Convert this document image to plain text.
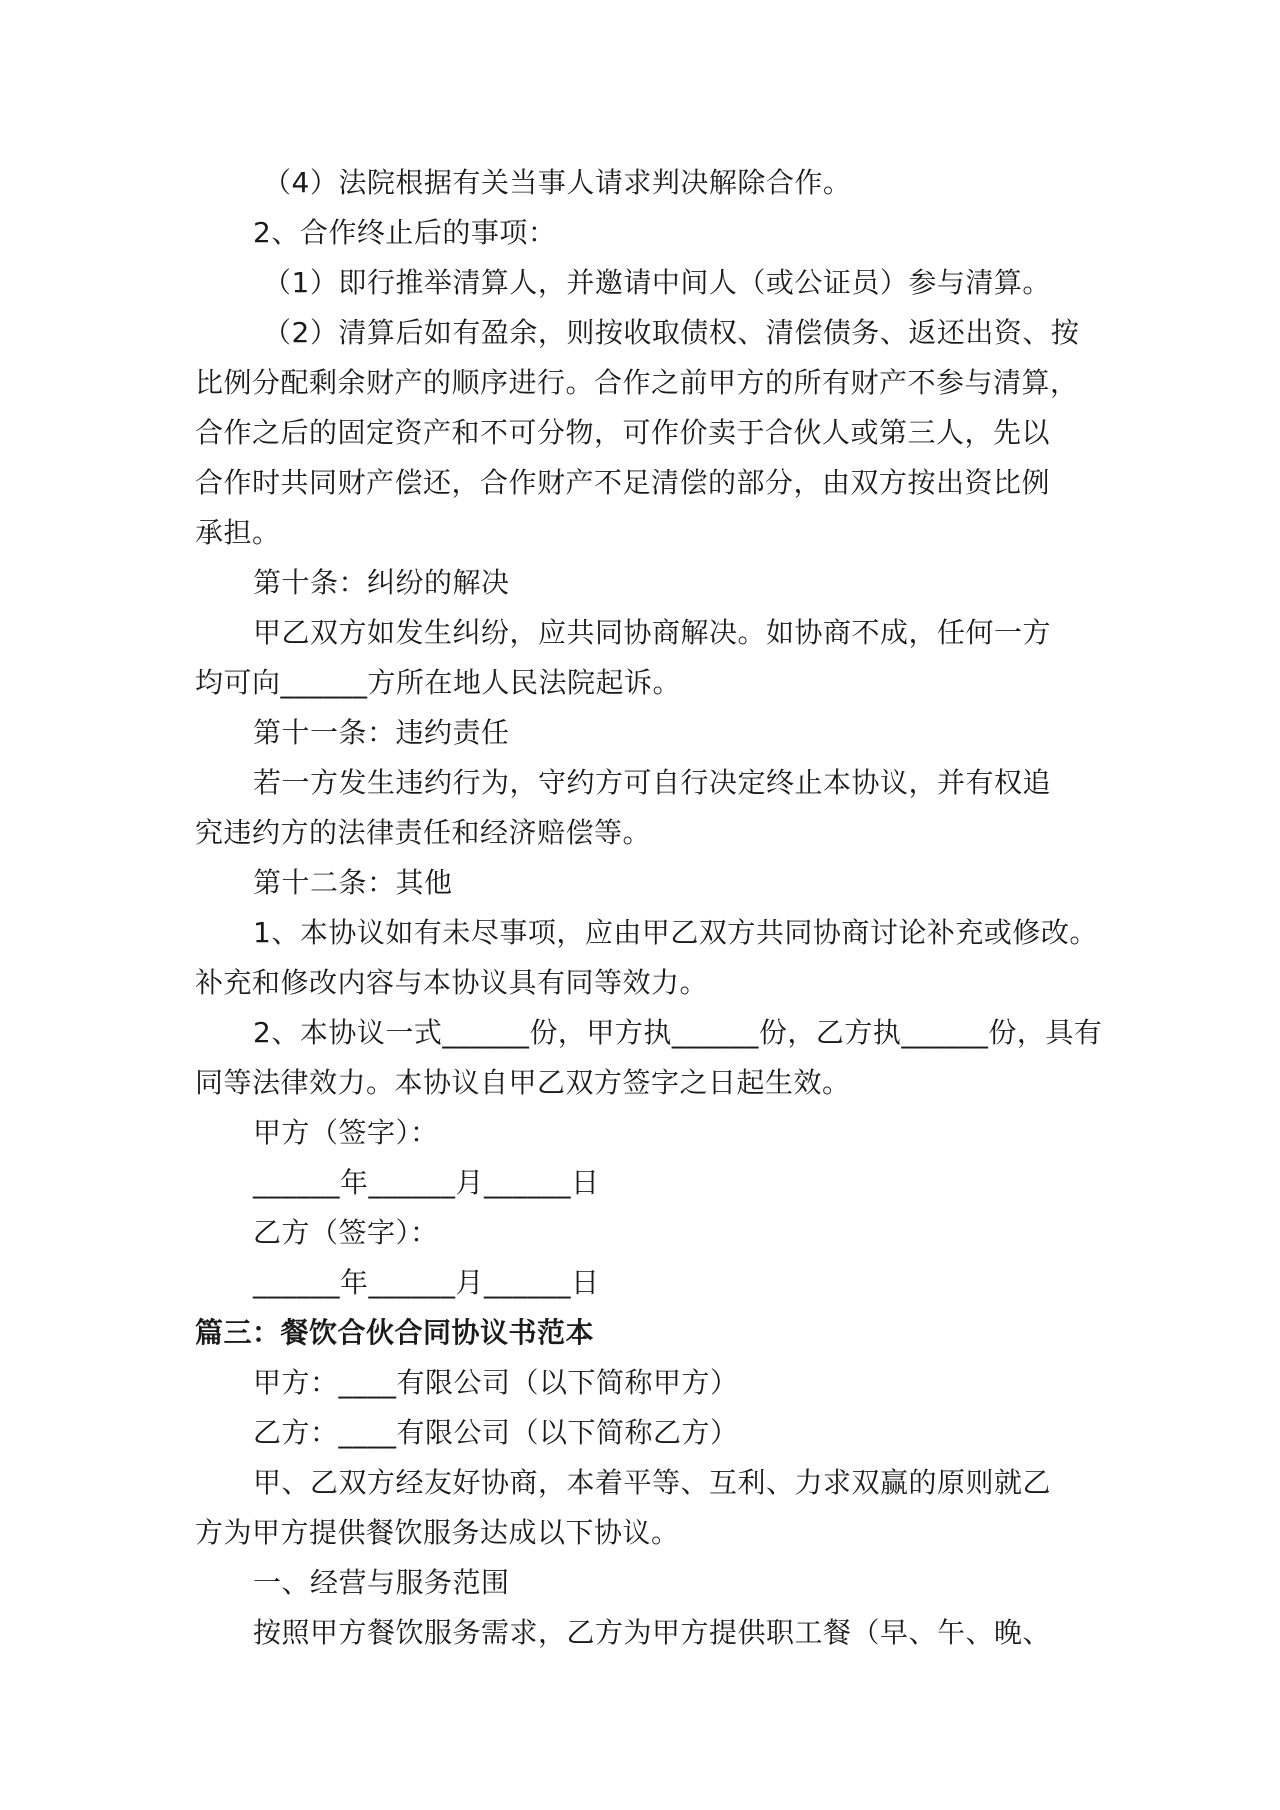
（4）法院根据有关当事人请求判决解除合作。
2、合作终止后的事项：
（1）即行推举清算人，并邀请中间人（或公证员）参与清算。
（2）清算后如有盈余，则按收取债权、清偿债务、返还出资、按
比例分配剩余财产的顺序进行。合作之前甲方的所有财产不参与清算，
合作之后的固定资产和不可分物，可作价卖于合伙人或第三人，先以
合作时共同财产偿还，合作财产不足清偿的部分，由双方按出资比例
承担。
第十条：纠纷的解决
甲乙双方如发生纠纷，应共同协商解决。如协商不成，任何一方
均可向______方所在地人民法院起诉。
第十一条：违约责任
若一方发生违约行为，守约方可自行决定终止本协议，并有权追
究违约方的法律责任和经济赔偿等。
第十二条：其他
1、本协议如有未尽事项，应由甲乙双方共同协商讨论补充或修改。
补充和修改内容与本协议具有同等效力。
2、本协议一式______份，甲方执______份，乙方执______份，具有
同等法律效力。本协议自甲乙双方签字之日起生效。
甲方（签字）：
______年______月______日
乙方（签字）：
______年______月______日
篇三：餐饮合伙合同协议书范本
甲方：____有限公司（以下简称甲方）
乙方：____有限公司（以下简称乙方）
甲、乙双方经友好协商，本着平等、互利、力求双赢的原则就乙
方为甲方提供餐饮服务达成以下协议。
一、经营与服务范围
按照甲方餐饮服务需求，乙方为甲方提供职工餐（早、午、晚、
